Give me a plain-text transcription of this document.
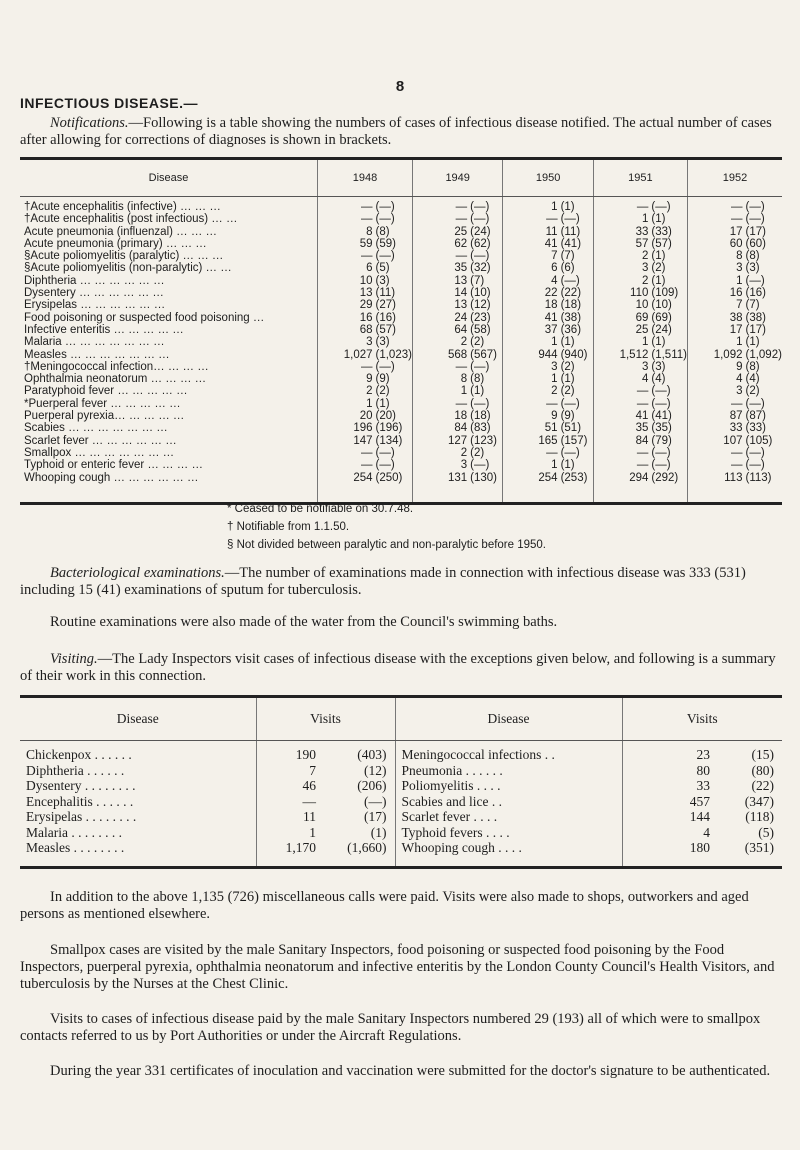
8
INFECTIOUS DISEASE.—
Notifications.—Following is a table showing the numbers of cases of infectious disease notified. The actual number of cases after allowing for corrections of diagnoses is shown in brackets.
Disease	1948		1949		1950		1951		1952	
†Acute encephalitis (infective) … … …	—	(—)	—	(—)	1	(1)	—	(—)	—	(—)
†Acute encephalitis (post infectious) … …	—	(—)	—	(—)	—	(—)	1	(1)	—	(—)
Acute pneumonia (influenzal) … … …	8	(8)	25	(24)	11	(11)	33	(33)	17	(17)
Acute pneumonia (primary) … … …	59	(59)	62	(62)	41	(41)	57	(57)	60	(60)
§Acute poliomyelitis (paralytic) … … …	—	(—)	—	(—)	7	(7)	2	(1)	8	(8)
§Acute poliomyelitis (non-paralytic) … …	6	(5)	35	(32)	6	(6)	3	(2)	3	(3)
Diphtheria … … … … … …	10	(3)	13	(7)	4	(—)	2	(1)	1	(—)
Dysentery … … … … … …	13	(11)	14	(10)	22	(22)	110	(109)	16	(16)
Erysipelas … … … … … …	29	(27)	13	(12)	18	(18)	10	(10)	7	(7)
Food poisoning or suspected food poisoning …	16	(16)	24	(23)	41	(38)	69	(69)	38	(38)
Infective enteritis … … … … …	68	(57)	64	(58)	37	(36)	25	(24)	17	(17)
Malaria … … … … … … …	3	(3)	2	(2)	1	(1)	1	(1)	1	(1)
Measles … … … … … … …	1,027	(1,023)	568	(567)	944	(940)	1,512	(1,511)	1,092	(1,092)
†Meningococcal infection… … … …	—	(—)	—	(—)	3	(2)	3	(3)	9	(8)
Ophthalmia neonatorum … … … …	9	(9)	8	(8)	1	(1)	4	(4)	4	(4)
Paratyphoid fever … … … … …	2	(2)	1	(1)	2	(2)	—	(—)	3	(2)
*Puerperal fever … … … … …	1	(1)	—	(—)	—	(—)	—	(—)	—	(—)
Puerperal pyrexia… … … … …	20	(20)	18	(18)	9	(9)	41	(41)	87	(87)
Scabies … … … … … … …	196	(196)	84	(83)	51	(51)	35	(35)	33	(33)
Scarlet fever … … … … … …	147	(134)	127	(123)	165	(157)	84	(79)	107	(105)
Smallpox … … … … … … …	—	(—)	2	(2)	—	(—)	—	(—)	—	(—)
Typhoid or enteric fever … … … …	—	(—)	3	(—)	1	(1)	—	(—)	—	(—)
Whooping cough … … … … … …	254	(250)	131	(130)	254	(253)	294	(292)	113	(113)

* Ceased to be notifiable on 30.7.48.
† Notifiable from 1.1.50.
§ Not divided between paralytic and non-paralytic before 1950.
Bacteriological examinations.—The number of examinations made in connection with infectious disease was 333 (531) including 15 (41) examinations of sputum for tuberculosis.
Routine examinations were also made of the water from the Council's swimming baths.
Visiting.—The Lady Inspectors visit cases of infectious disease with the exceptions given below, and following is a summary of their work in this connection.
Disease	Visits		Disease	Visits	
Chickenpox . . . . . .	190	(403)	Meningococcal infections . .	23	(15)
Diphtheria . . . . . .	7	(12)	Pneumonia . . . . . .	80	(80)
Dysentery . . . . . . . .	46	(206)	Poliomyelitis . . . .	33	(22)
Encephalitis . . . . . .	—	(—)	Scabies and lice . .	457	(347)
Erysipelas . . . . . . . .	11	(17)	Scarlet fever . . . .	144	(118)
Malaria . . . . . . . .	1	(1)	Typhoid fevers . . . .	4	(5)
Measles . . . . . . . .	1,170	(1,660)	Whooping cough . . . .	180	(351)

In addition to the above 1,135 (726) miscellaneous calls were paid. Visits were also made to shops, outworkers and aged persons as mentioned elsewhere.
Smallpox cases are visited by the male Sanitary Inspectors, food poisoning or suspected food poisoning by the Food Inspectors, puerperal pyrexia, ophthalmia neonatorum and infective enteritis by the London County Council's Health Visitors, and tuberculosis by the Nurses at the Chest Clinic.
Visits to cases of infectious disease paid by the male Sanitary Inspectors numbered 29 (193) all of which were to smallpox contacts referred to us by Port Authorities or under the Aircraft Regulations.
During the year 331 certificates of inoculation and vaccination were submitted for the doctor's signature to be authenticated.
